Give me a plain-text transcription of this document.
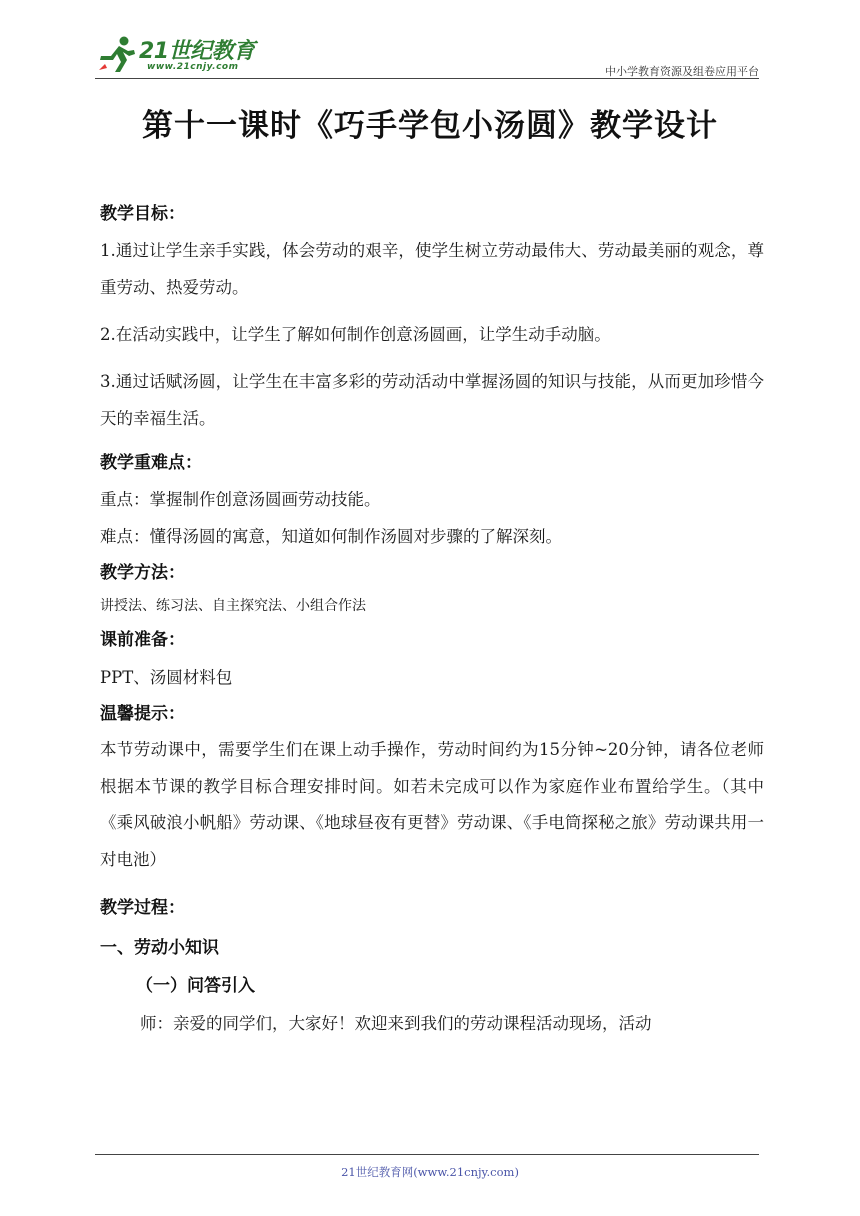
21世纪教育
www.21cnjy.com	中小学教育资源及组卷应用平台
第十一课时《巧手学包小汤圆》教学设计

教学目标：

1.通过让学生亲手实践，体会劳动的艰辛，使学生树立劳动最伟大、劳动最美丽的观念，尊重劳动、热爱劳动。

2.在活动实践中，让学生了解如何制作创意汤圆画，让学生动手动脑。

3.通过话赋汤圆，让学生在丰富多彩的劳动活动中掌握汤圆的知识与技能，从而更加珍惜今天的幸福生活。

教学重难点：

重点：掌握制作创意汤圆画劳动技能。

难点：懂得汤圆的寓意，知道如何制作汤圆对步骤的了解深刻。

教学方法：

讲授法、练习法、自主探究法、小组合作法

课前准备：

PPT、汤圆材料包

温馨提示：

本节劳动课中，需要学生们在课上动手操作，劳动时间约为15分钟~20分钟，请各位老师根据本节课的教学目标合理安排时间。如若未完成可以作为家庭作业布置给学生。（其中《乘风破浪小帆船》劳动课、《地球昼夜有更替》劳动课、《手电筒探秘之旅》劳动课共用一对电池）

教学过程：

一、劳动小知识

（一）问答引入

师：亲爱的同学们，大家好！欢迎来到我们的劳动课程活动现场，活动

21世纪教育网(www.21cnjy.com)
